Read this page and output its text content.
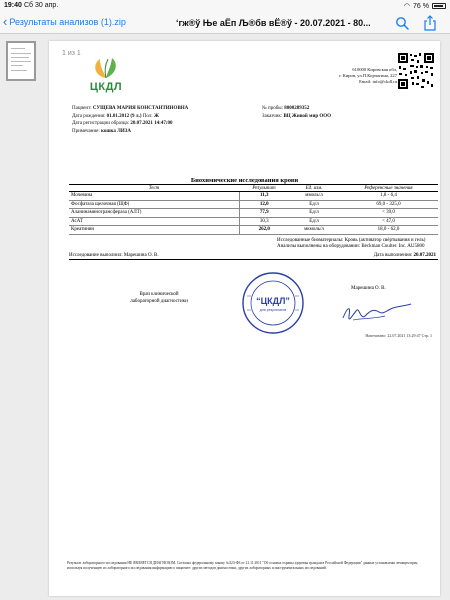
19:40 Сб 30 апр.	◠ 76 %
‹ Результаты анализов (1).zip	ʻгж®ў Ње аЁп Љ®бв вЁ®ў - 20.07.2021 - 80...
1 из 1
ЦКДЛ
610000 Кировская обл,
г. Киров, ул.П.Корчагина, 227
Email: info@ckdl.ru
Пациент: СУЩЕВА МАРИЯ КОНСТАНТИНОВНА
Дата рождения: 01.01.2012 (9 л.) Пол: Ж
Дата регистрации образца: 20.07.2021 14:47:00
Примечание: кошка ЛИЗА
№ пробы: 8000289352
Заказчик: ВЦ Живой мир ООО
Биохимические исследования крови
Тест	Результат	Ед. изм.	Референсные значения
Мочевина	11,3	ммоль/л	1,8 - 6,4
Фосфатаза щелочная (ЩФ)	12,0	Ед/л	69,0 - 325,0
Аланинаминотрансфераза (АЛТ)	77,9	Ед/л	< 39,0
АсАТ	30,3	Ед/л	< 47,0
Креатинин	262,0	мкмоль/л	18,0 - 62,0
Исследованные биоматериалы: Кровь (активатор свёртывания и гель)
Анализы выполнены на оборудовании: Beckman Coulter. Inc. AU5800
Исследование выполнил: Марешина О. В.	Дата выполнения: 20.07.2021
Врач клинической
лабораторной диагностики	“ЦКДЛ”
для результатов
Марешина О. В.
Напечатано: 22.07.2021 13:29:47 Стр. 1
Результат лабораторного исследования НЕ ЯВЛЯЕТСЯ ДИАГНОЗОМ. Согласно федеральному закону №323-ФЗ от 21.11.2011 "Об основах охраны здоровья граждан в Российской Федерации" данные установлены лечащим врач, используя полученную из лабораторного исследования информацию о пациенте: других методов диагностики, других лабораторных и инструментальных исследований.
